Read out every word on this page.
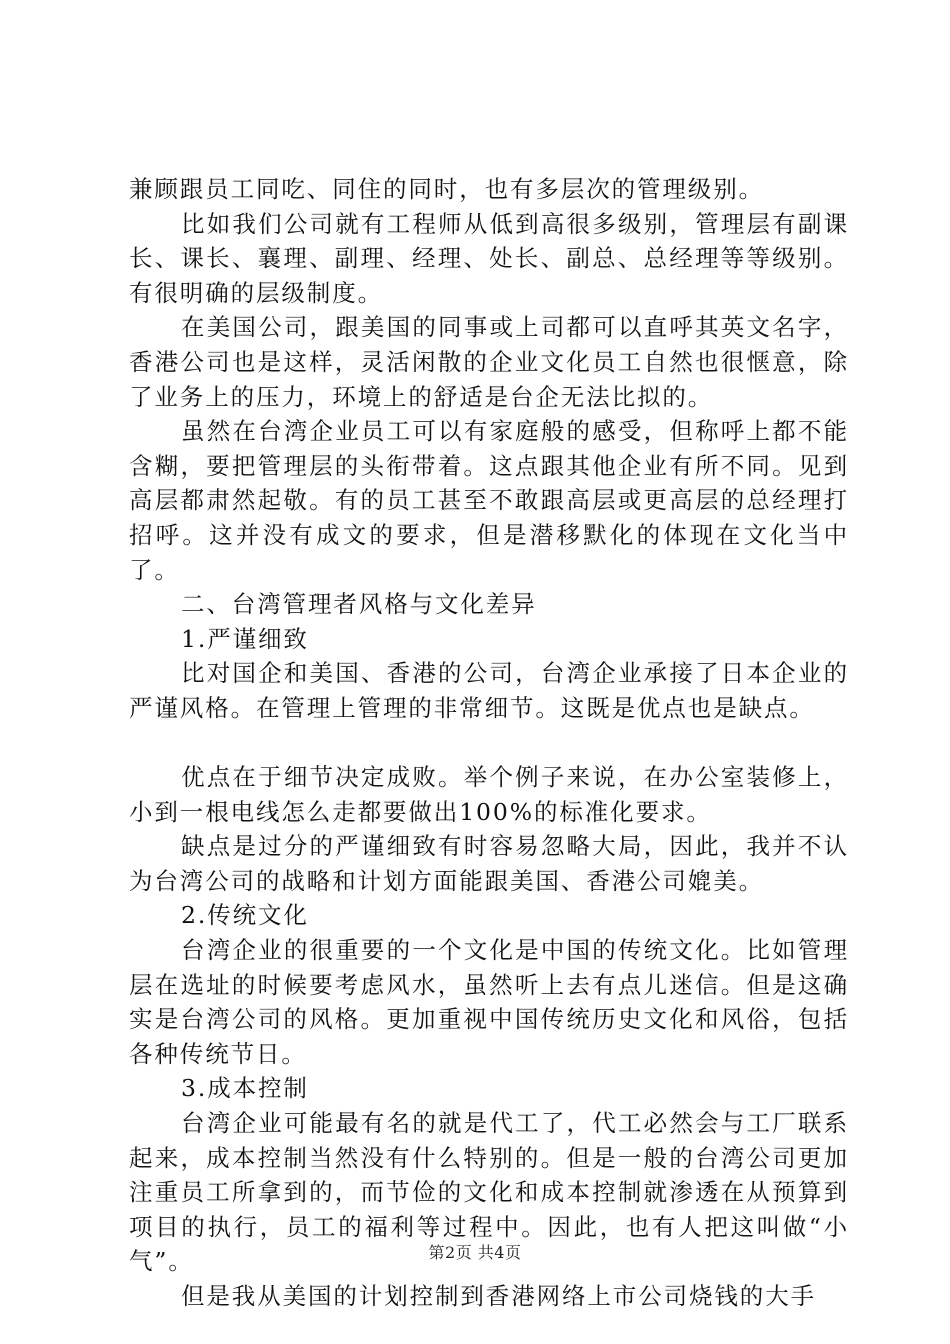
兼顾跟员工同吃、同住的同时，也有多层次的管理级别。

比如我们公司就有工程师从低到高很多级别，管理层有副课长、课长、襄理、副理、经理、处长、副总、总经理等等级别。有很明确的层级制度。

在美国公司，跟美国的同事或上司都可以直呼其英文名字，香港公司也是这样，灵活闲散的企业文化员工自然也很惬意，除了业务上的压力，环境上的舒适是台企无法比拟的。

虽然在台湾企业员工可以有家庭般的感受，但称呼上都不能含糊，要把管理层的头衔带着。这点跟其他企业有所不同。见到高层都肃然起敬。有的员工甚至不敢跟高层或更高层的总经理打招呼。这并没有成文的要求，但是潜移默化的体现在文化当中了。

二、台湾管理者风格与文化差异

1.严谨细致

比对国企和美国、香港的公司，台湾企业承接了日本企业的严谨风格。在管理上管理的非常细节。这既是优点也是缺点。

优点在于细节决定成败。举个例子来说，在办公室装修上，小到一根电线怎么走都要做出100%的标准化要求。

缺点是过分的严谨细致有时容易忽略大局，因此，我并不认为台湾公司的战略和计划方面能跟美国、香港公司媲美。

2.传统文化

台湾企业的很重要的一个文化是中国的传统文化。比如管理层在选址的时候要考虑风水，虽然听上去有点儿迷信。但是这确实是台湾公司的风格。更加重视中国传统历史文化和风俗，包括各种传统节日。

3.成本控制

台湾企业可能最有名的就是代工了，代工必然会与工厂联系起来，成本控制当然没有什么特别的。但是一般的台湾公司更加注重员工所拿到的，而节俭的文化和成本控制就渗透在从预算到项目的执行，员工的福利等过程中。因此，也有人把这叫做“小气”。

但是我从美国的计划控制到香港网络上市公司烧钱的大手

第2页 共4页
